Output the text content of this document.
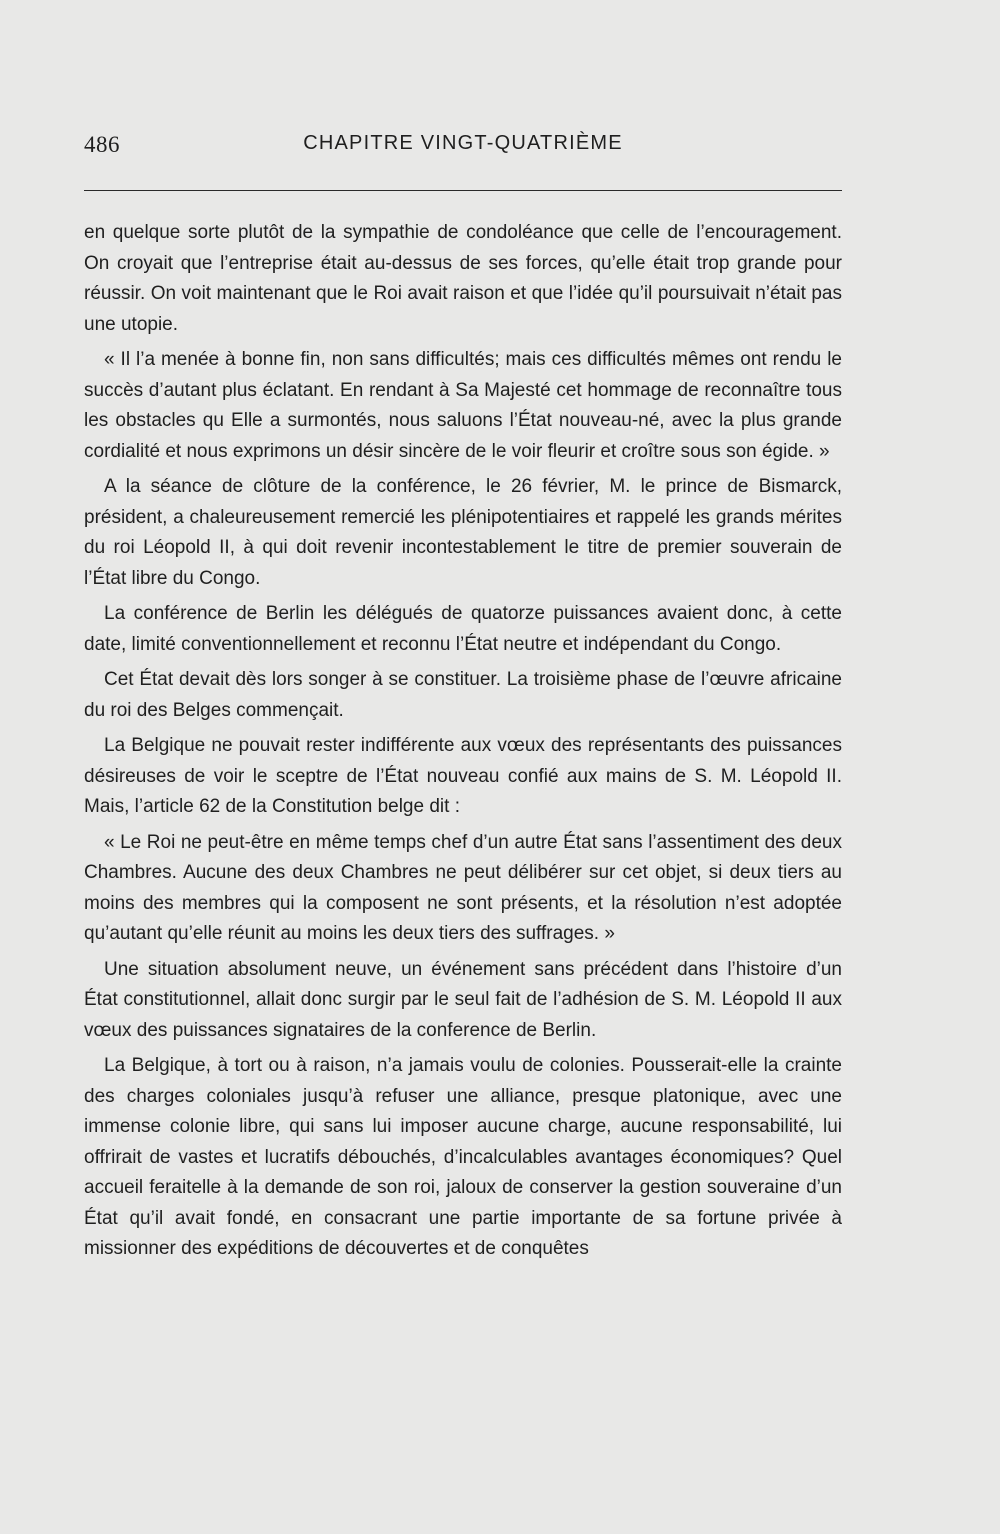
486	CHAPITRE VINGT-QUATRIÈME

en quelque sorte plutôt de la sympathie de condoléance que celle de l’encouragement. On croyait que l’entreprise était au-dessus de ses forces, qu’elle était trop grande pour réussir. On voit maintenant que le Roi avait raison et que l’idée qu’il poursuivait n’était pas une utopie.

« Il l’a menée à bonne fin, non sans difficultés; mais ces difficultés mêmes ont rendu le succès d’autant plus éclatant. En rendant à Sa Majesté cet hommage de reconnaître tous les obstacles qu Elle a surmontés, nous saluons l’État nouveau-né, avec la plus grande cordialité et nous exprimons un désir sincère de le voir fleurir et croître sous son égide. »

A la séance de clôture de la conférence, le 26 février, M. le prince de Bismarck, président, a chaleureusement remercié les plénipotentiaires et rappelé les grands mérites du roi Léopold II, à qui doit revenir incontestablement le titre de premier souverain de l’État libre du Congo.

La conférence de Berlin les délégués de quatorze puissances avaient donc, à cette date, limité conventionnellement et reconnu l’État neutre et indépendant du Congo.

Cet État devait dès lors songer à se constituer. La troisième phase de l’œuvre africaine du roi des Belges commençait.

La Belgique ne pouvait rester indifférente aux vœux des représentants des puissances désireuses de voir le sceptre de l’État nouveau confié aux mains de S. M. Léopold II. Mais, l’article 62 de la Constitution belge dit :

« Le Roi ne peut-être en même temps chef d’un autre État sans l’assentiment des deux Chambres. Aucune des deux Chambres ne peut délibérer sur cet objet, si deux tiers au moins des membres qui la composent ne sont présents, et la résolution n’est adoptée qu’autant qu’elle réunit au moins les deux tiers des suffrages. »

Une situation absolument neuve, un événement sans précédent dans l’histoire d’un État constitutionnel, allait donc surgir par le seul fait de l’adhésion de S. M. Léopold II aux vœux des puissances signataires de la conference de Berlin.

La Belgique, à tort ou à raison, n’a jamais voulu de colonies. Pousserait-elle la crainte des charges coloniales jusqu’à refuser une alliance, presque platonique, avec une immense colonie libre, qui sans lui imposer aucune charge, aucune responsabilité, lui offrirait de vastes et lucratifs débouchés, d’incalculables avantages économiques? Quel accueil feraitelle à la demande de son roi, jaloux de conserver la gestion souveraine d’un État qu’il avait fondé, en consacrant une partie importante de sa fortune privée à missionner des expéditions de découvertes et de conquêtes
